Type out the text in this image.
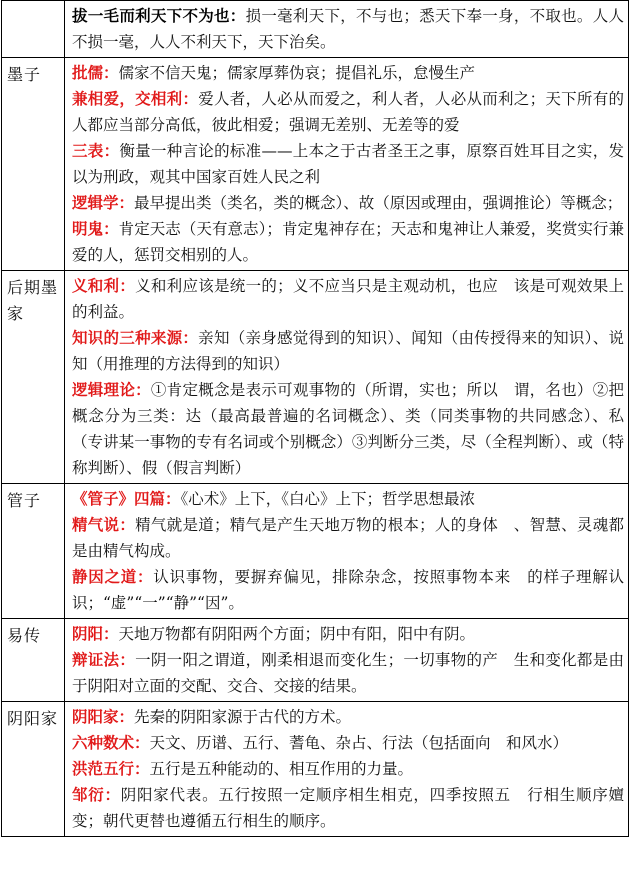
	拔一毛而利天下不为也：损一毫利天下，不与也；悉天下奉一身，不取也。人人不损一毫，人人不利天下，天下治矣。

墨子	批儒：儒家不信天鬼；儒家厚葬伪哀；提倡礼乐，怠慢生产

兼相爱，交相利：爱人者，人必从而爱之，利人者，人必从而利之；天下所有的人都应当部分高低，彼此相爱；强调无差别、无差等的爱

三表：衡量一种言论的标准——上本之于古者圣王之事，原察百姓耳目之实，发以为刑政，观其中国家百姓人民之利

逻辑学：最早提出类（类名，类的概念）、故（原因或理由，强调推论）等概念；

明鬼：肯定天志（天有意志）；肯定鬼神存在；天志和鬼神让人兼爱，奖赏实行兼爱的人，惩罚交相别的人。

后期墨家	义和利：义和利应该是统一的；义不应当只是主观动机，也应　该是可观效果上的利益。

知识的三种来源：亲知（亲身感觉得到的知识）、闻知（由传授得来的知识）、说知（用推理的方法得到的知识）

逻辑理论：①肯定概念是表示可观事物的（所谓，实也；所以　谓，名也）②把概念分为三类：达（最高最普遍的名词概念）、类（同类事物的共同感念）、私（专讲某一事物的专有名词或个别概念）③判断分三类，尽（全程判断）、或（特称判断）、假（假言判断）

管子	《管子》四篇：《心术》上下，《白心》上下；哲学思想最浓

精气说：精气就是道；精气是产生天地万物的根本；人的身体　、智慧、灵魂都是由精气构成。

静因之道：认识事物，要摒弃偏见，排除杂念，按照事物本来　的样子理解认识；“虚”“一”“静”“因”。

易传	阴阳：天地万物都有阴阳两个方面；阴中有阳，阳中有阴。

辩证法：一阴一阳之谓道，刚柔相退而变化生；一切事物的产　生和变化都是由于阴阳对立面的交配、交合、交接的结果。

阴阳家	阴阳家：先秦的阴阳家源于古代的方术。

六种数术：天文、历谱、五行、蓍龟、杂占、行法（包括面向　和风水）

洪范五行：五行是五种能动的、相互作用的力量。

邹衍：阴阳家代表。五行按照一定顺序相生相克，四季按照五　行相生顺序嬗变；朝代更替也遵循五行相生的顺序。
